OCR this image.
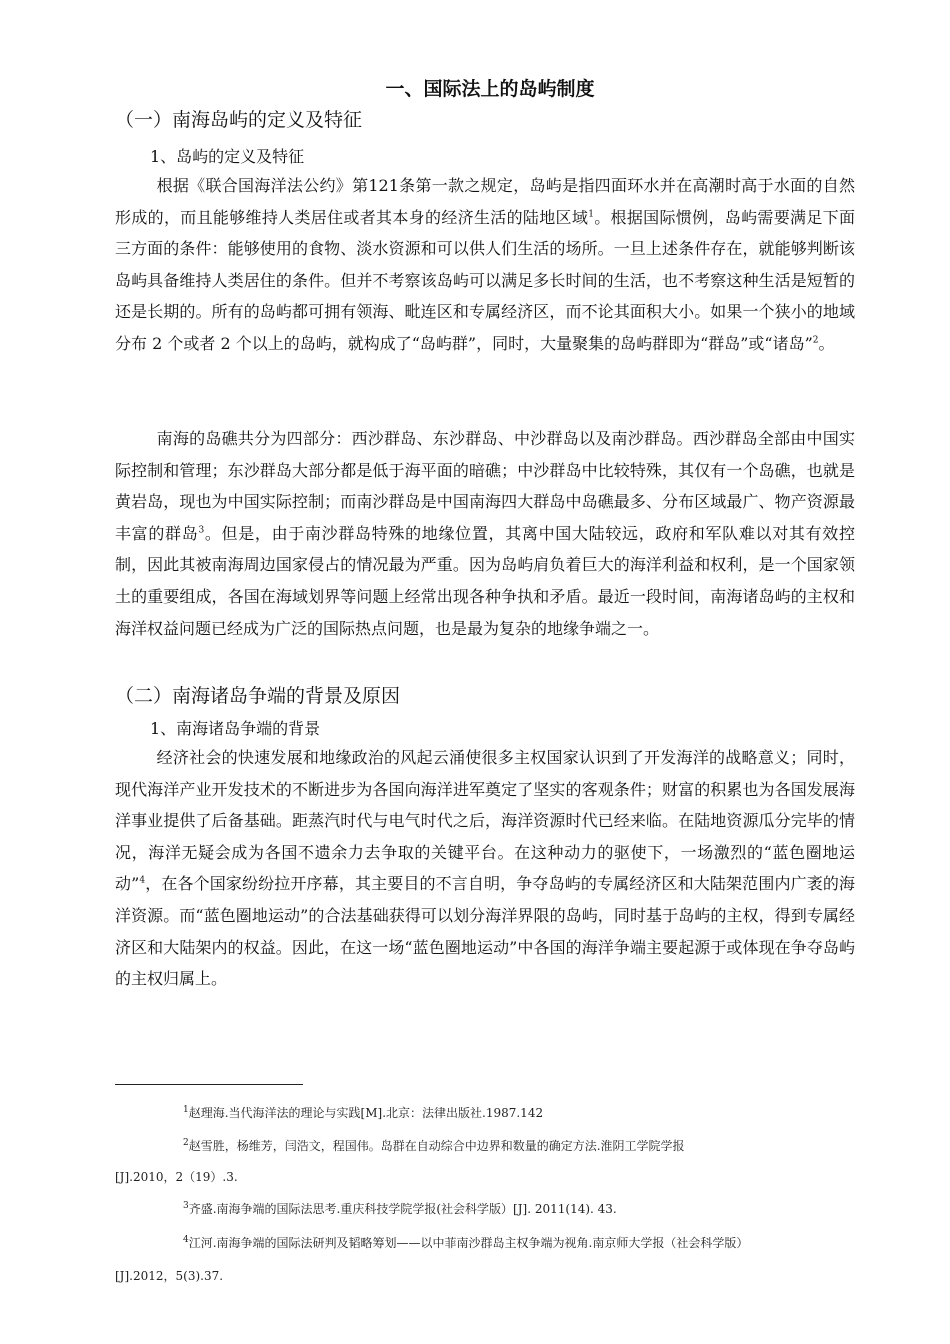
一、国际法上的岛屿制度
（一）南海岛屿的定义及特征
1、岛屿的定义及特征

根据《联合国海洋法公约》第121条第一款之规定，岛屿是指四面环水并在高潮时高于水面的自然形成的，而且能够维持人类居住或者其本身的经济生活的陆地区域$^1$。根据国际惯例，岛屿需要满足下面三方面的条件：能够使用的食物、淡水资源和可以供人们生活的场所。一旦上述条件存在，就能够判断该岛屿具备维持人类居住的条件。但并不考察该岛屿可以满足多长时间的生活，也不考察这种生活是短暂的还是长期的。所有的岛屿都可拥有领海、毗连区和专属经济区，而不论其面积大小。如果一个狭小的地域分布 2 个或者 2 个以上的岛屿，就构成了“岛屿群”，同时，大量聚集的岛屿群即为“群岛”或“诸岛”$^2$。

南海的岛礁共分为四部分：西沙群岛、东沙群岛、中沙群岛以及南沙群岛。西沙群岛全部由中国实际控制和管理；东沙群岛大部分都是低于海平面的暗礁；中沙群岛中比较特殊，其仅有一个岛礁，也就是黄岩岛，现也为中国实际控制；而南沙群岛是中国南海四大群岛中岛礁最多、分布区域最广、物产资源最丰富的群岛$^3$。但是，由于南沙群岛特殊的地缘位置，其离中国大陆较远，政府和军队难以对其有效控制，因此其被南海周边国家侵占的情况最为严重。因为岛屿肩负着巨大的海洋利益和权利，是一个国家领土的重要组成，各国在海域划界等问题上经常出现各种争执和矛盾。最近一段时间，南海诸岛屿的主权和海洋权益问题已经成为广泛的国际热点问题，也是最为复杂的地缘争端之一。

（二）南海诸岛争端的背景及原因
1、南海诸岛争端的背景

经济社会的快速发展和地缘政治的风起云涌使很多主权国家认识到了开发海洋的战略意义；同时，现代海洋产业开发技术的不断进步为各国向海洋进军奠定了坚实的客观条件；财富的积累也为各国发展海洋事业提供了后备基础。距蒸汽时代与电气时代之后，海洋资源时代已经来临。在陆地资源瓜分完毕的情况，海洋无疑会成为各国不遗余力去争取的关键平台。在这种动力的驱使下，一场激烈的“蓝色圈地运动”$^4$，在各个国家纷纷拉开序幕，其主要目的不言自明，争夺岛屿的专属经济区和大陆架范围内广袤的海洋资源。而“蓝色圈地运动”的合法基础获得可以划分海洋界限的岛屿，同时基于岛屿的主权，得到专属经济区和大陆架内的权益。因此，在这一场“蓝色圈地运动”中各国的海洋争端主要起源于或体现在争夺岛屿的主权归属上。

$^1$赵理海.当代海洋法的理论与实践[M].北京：法律出版社.1987.142
$^2$赵雪胜，杨维芳，闫浩文，程国伟。岛群在自动综合中边界和数量的确定方法.淮阴工学院学报
[J].2010，2（19）.3.
$^3$齐盛.南海争端的国际法思考.重庆科技学院学报(社会科学版）[J]. 2011(14). 43.
$^4$江河.南海争端的国际法研判及韬略筹划——以中菲南沙群岛主权争端为视角.南京师大学报（社会科学版）
[J].2012，5(3).37.
